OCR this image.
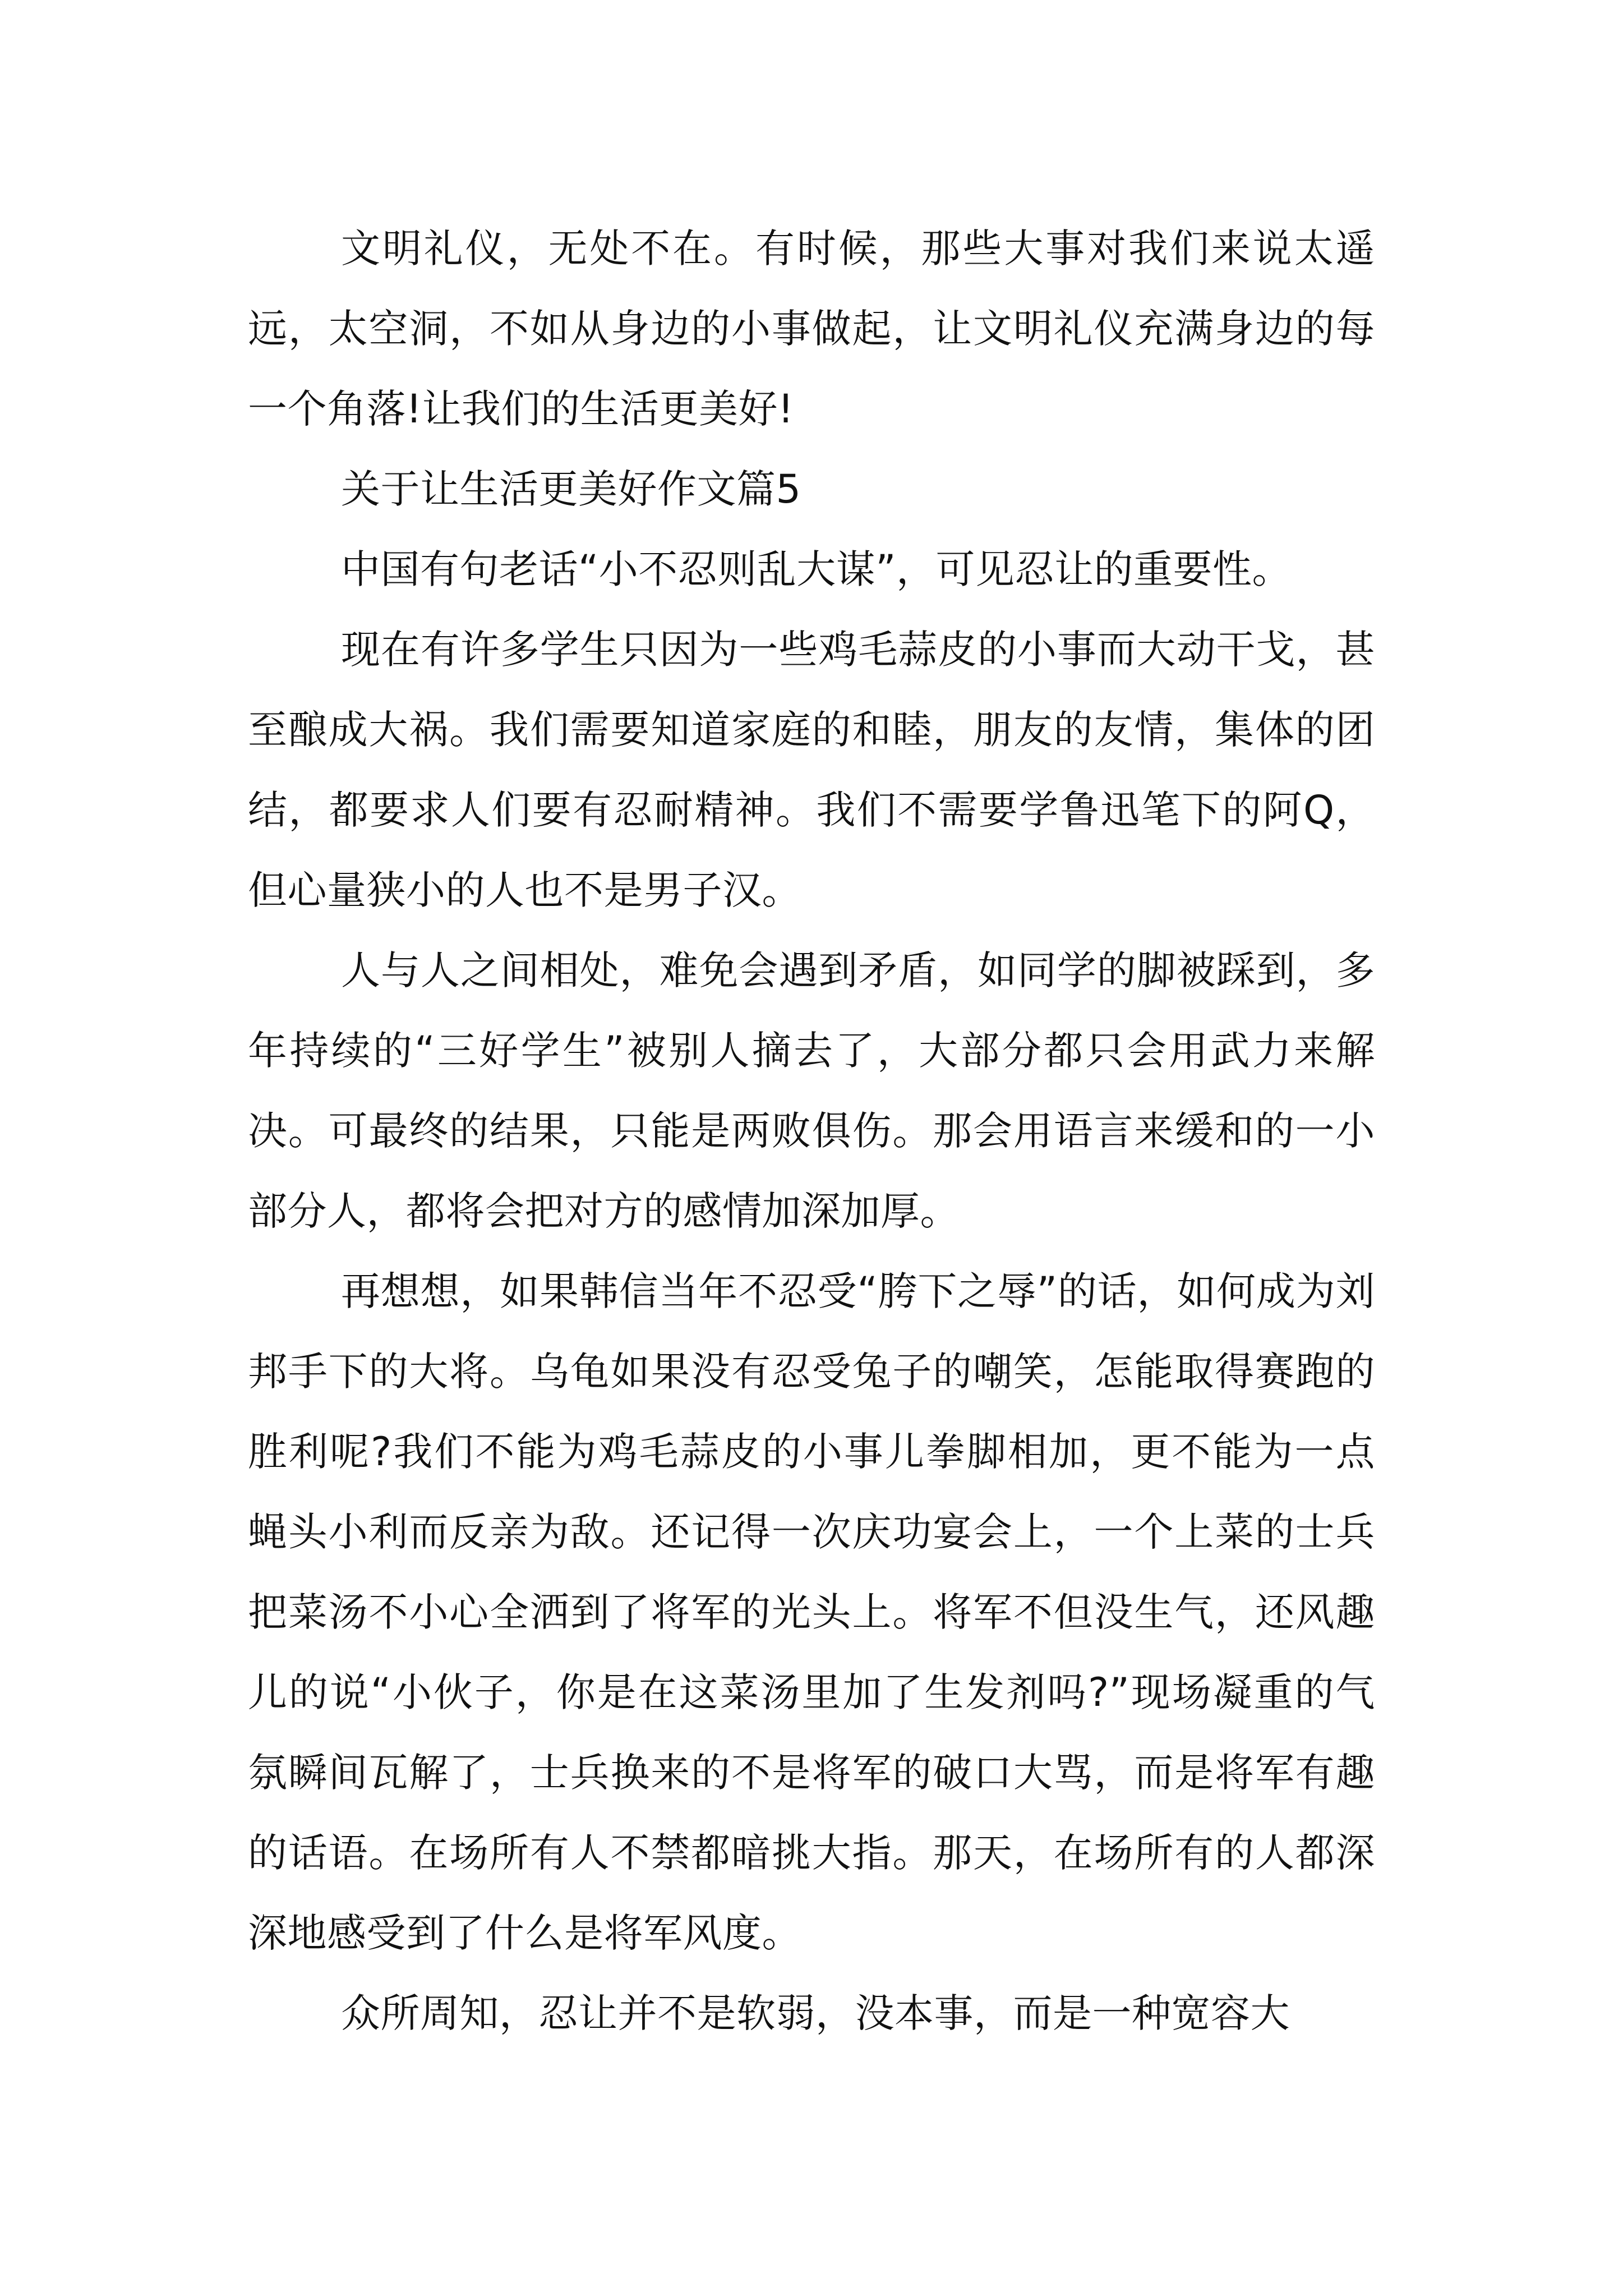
文明礼仪，无处不在。有时候，那些大事对我们来说太遥远，太空洞，不如从身边的小事做起，让文明礼仪充满身边的每一个角落!让我们的生活更美好!

关于让生活更美好作文篇5

中国有句老话“小不忍则乱大谋”，可见忍让的重要性。

现在有许多学生只因为一些鸡毛蒜皮的小事而大动干戈，甚至酿成大祸。我们需要知道家庭的和睦，朋友的友情，集体的团结，都要求人们要有忍耐精神。我们不需要学鲁迅笔下的阿Q，但心量狭小的人也不是男子汉。

人与人之间相处，难免会遇到矛盾，如同学的脚被踩到，多年持续的“三好学生”被别人摘去了，大部分都只会用武力来解决。可最终的结果，只能是两败俱伤。那会用语言来缓和的一小部分人，都将会把对方的感情加深加厚。

再想想，如果韩信当年不忍受“胯下之辱”的话，如何成为刘邦手下的大将。乌龟如果没有忍受兔子的嘲笑，怎能取得赛跑的胜利呢?我们不能为鸡毛蒜皮的小事儿拳脚相加，更不能为一点蝇头小利而反亲为敌。还记得一次庆功宴会上，一个上菜的士兵把菜汤不小心全洒到了将军的光头上。将军不但没生气，还风趣儿的说“小伙子，你是在这菜汤里加了生发剂吗?”现场凝重的气氛瞬间瓦解了，士兵换来的不是将军的破口大骂，而是将军有趣的话语。在场所有人不禁都暗挑大指。那天，在场所有的人都深深地感受到了什么是将军风度。

众所周知，忍让并不是软弱，没本事，而是一种宽容大
